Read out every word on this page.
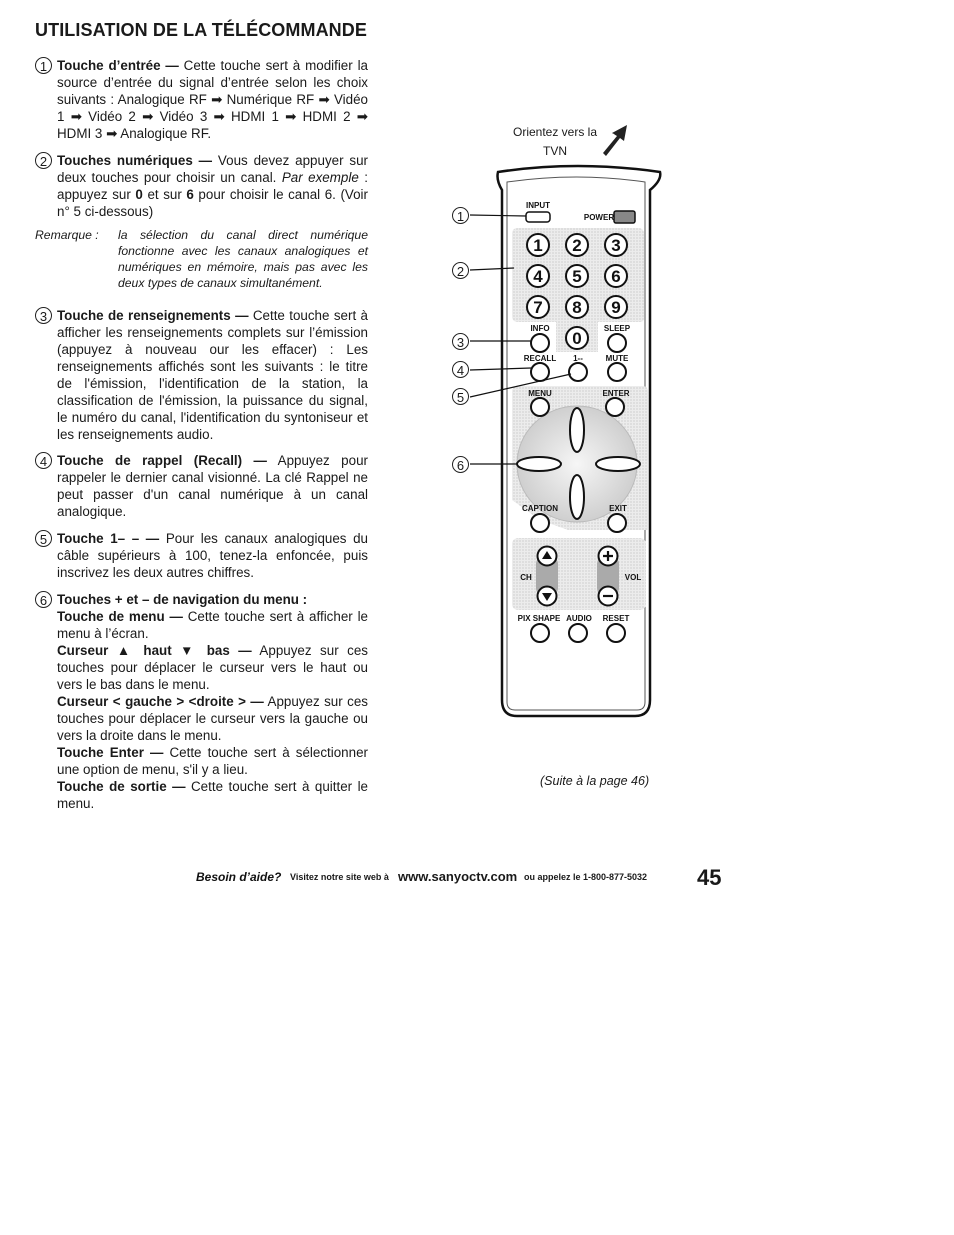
UTILISATION DE LA TÉLÉCOMMANDE
1 Touche d’entrée — Cette touche sert à modifier la source d’entrée du signal d’entrée selon les choix suivants : Analogique RF ➡ Numérique RF ➡ Vidéo 1 ➡ Vidéo 2 ➡ Vidéo 3 ➡ HDMI 1 ➡ HDMI 2 ➡ HDMI 3 ➡ Analogique RF.

2 Touches numériques — Vous devez appuyer sur deux touches pour choisir un canal. Par exemple : appuyez sur 0 et sur 6 pour choisir le canal 6. (Voir n° 5 ci-dessous)

Remarque : la sélection du canal direct numérique fonctionne avec les canaux analogiques et numériques en mémoire, mais pas avec les deux types de canaux simultanément.
3 Touche de renseignements — Cette touche sert à afficher les renseignements complets sur l’émission (appuyez à nouveau our les effacer) : Les renseignements affichés sont les suivants : le titre de l'émission, l'identification de la station, la classification de l'émission, la puissance du signal, le numéro du canal, l'identification du syntoniseur et les renseignements audio.

4 Touche de rappel (Recall) — Appuyez pour rappeler le dernier canal visionné. La clé Rappel ne peut passer d'un canal numérique à un canal analogique.

5 Touche 1– – — Pour les canaux analogiques du câble supérieurs à 100, tenez-la enfoncée, puis inscrivez les deux autres chiffres.

6 Touches + et – de navigation du menu :

Touche de menu — Cette touche sert à afficher le menu à l’écran.

Curseur ▲ haut ▼ bas — Appuyez sur ces touches pour déplacer le curseur vers le haut ou vers le bas dans le menu.

Curseur < gauche > <droite > — Appuyez sur ces touches pour déplacer le curseur vers la gauche ou vers la droite dans le menu.

Touche Enter — Cette touche sert à sélectionner une option de menu, s'il y a lieu.

Touche de sortie — Cette touche sert à quitter le menu.

Orientez vers la TVN
1 2 3
4 5 6
7 8 9
0
INPUT
POWER
INFO	SLEEP
RECALL 1--	MUTE
MENU	ENTER
CAPTION	EXIT
CH	VOL
PIX SHAPE AUDIO RESET
1
2
3
4
5
6
(Suite à la page 46)
Besoin d’aide? Visitez notre site web à www.sanyoctv.com ou appelez le 1-800-877-5032 45
